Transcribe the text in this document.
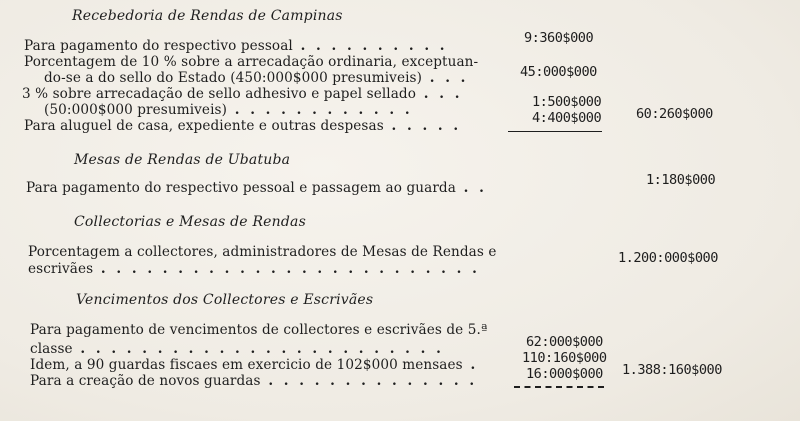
Recebedoria de Rendas de Campinas
Para pagamento do respectivo pessoal . . . . . . . . . .	9:360$000
Porcentagem de 10 % sobre a arrecadação ordinaria, exceptuan-
do-se a do sello do Estado (450:000$000 presumiveis) . . .	45:000$000
3 % sobre arrecadação de sello adhesivo e papel sellado . . .
(50:000$000 presumiveis) . . . . . . . . . . . .	1:500$000
Para aluguel de casa, expediente e outras despesas . . . . .	4:400$000	60:260$000
Mesas de Rendas de Ubatuba
Para pagamento do respectivo pessoal e passagem ao guarda . .	1:180$000
Collectorias e Mesas de Rendas
Porcentagem a collectores, administradores de Mesas de Rendas e
escrivães . . . . . . . . . . . . . . . . . . . . . . . . .
1.200:000$000
Vencimentos dos Collectores e Escrivães
Para pagamento de vencimentos de collectores e escrivães de 5.ª
classe . . . . . . . . . . . . . . . . . . . . . . . .	62:000$000
Idem, a 90 guardas fiscaes em exercicio de 102$000 mensaes .	110:160$000
Para a creação de novos guardas . . . . . . . . . . . . . .	16:000$000 1.388:160$000
